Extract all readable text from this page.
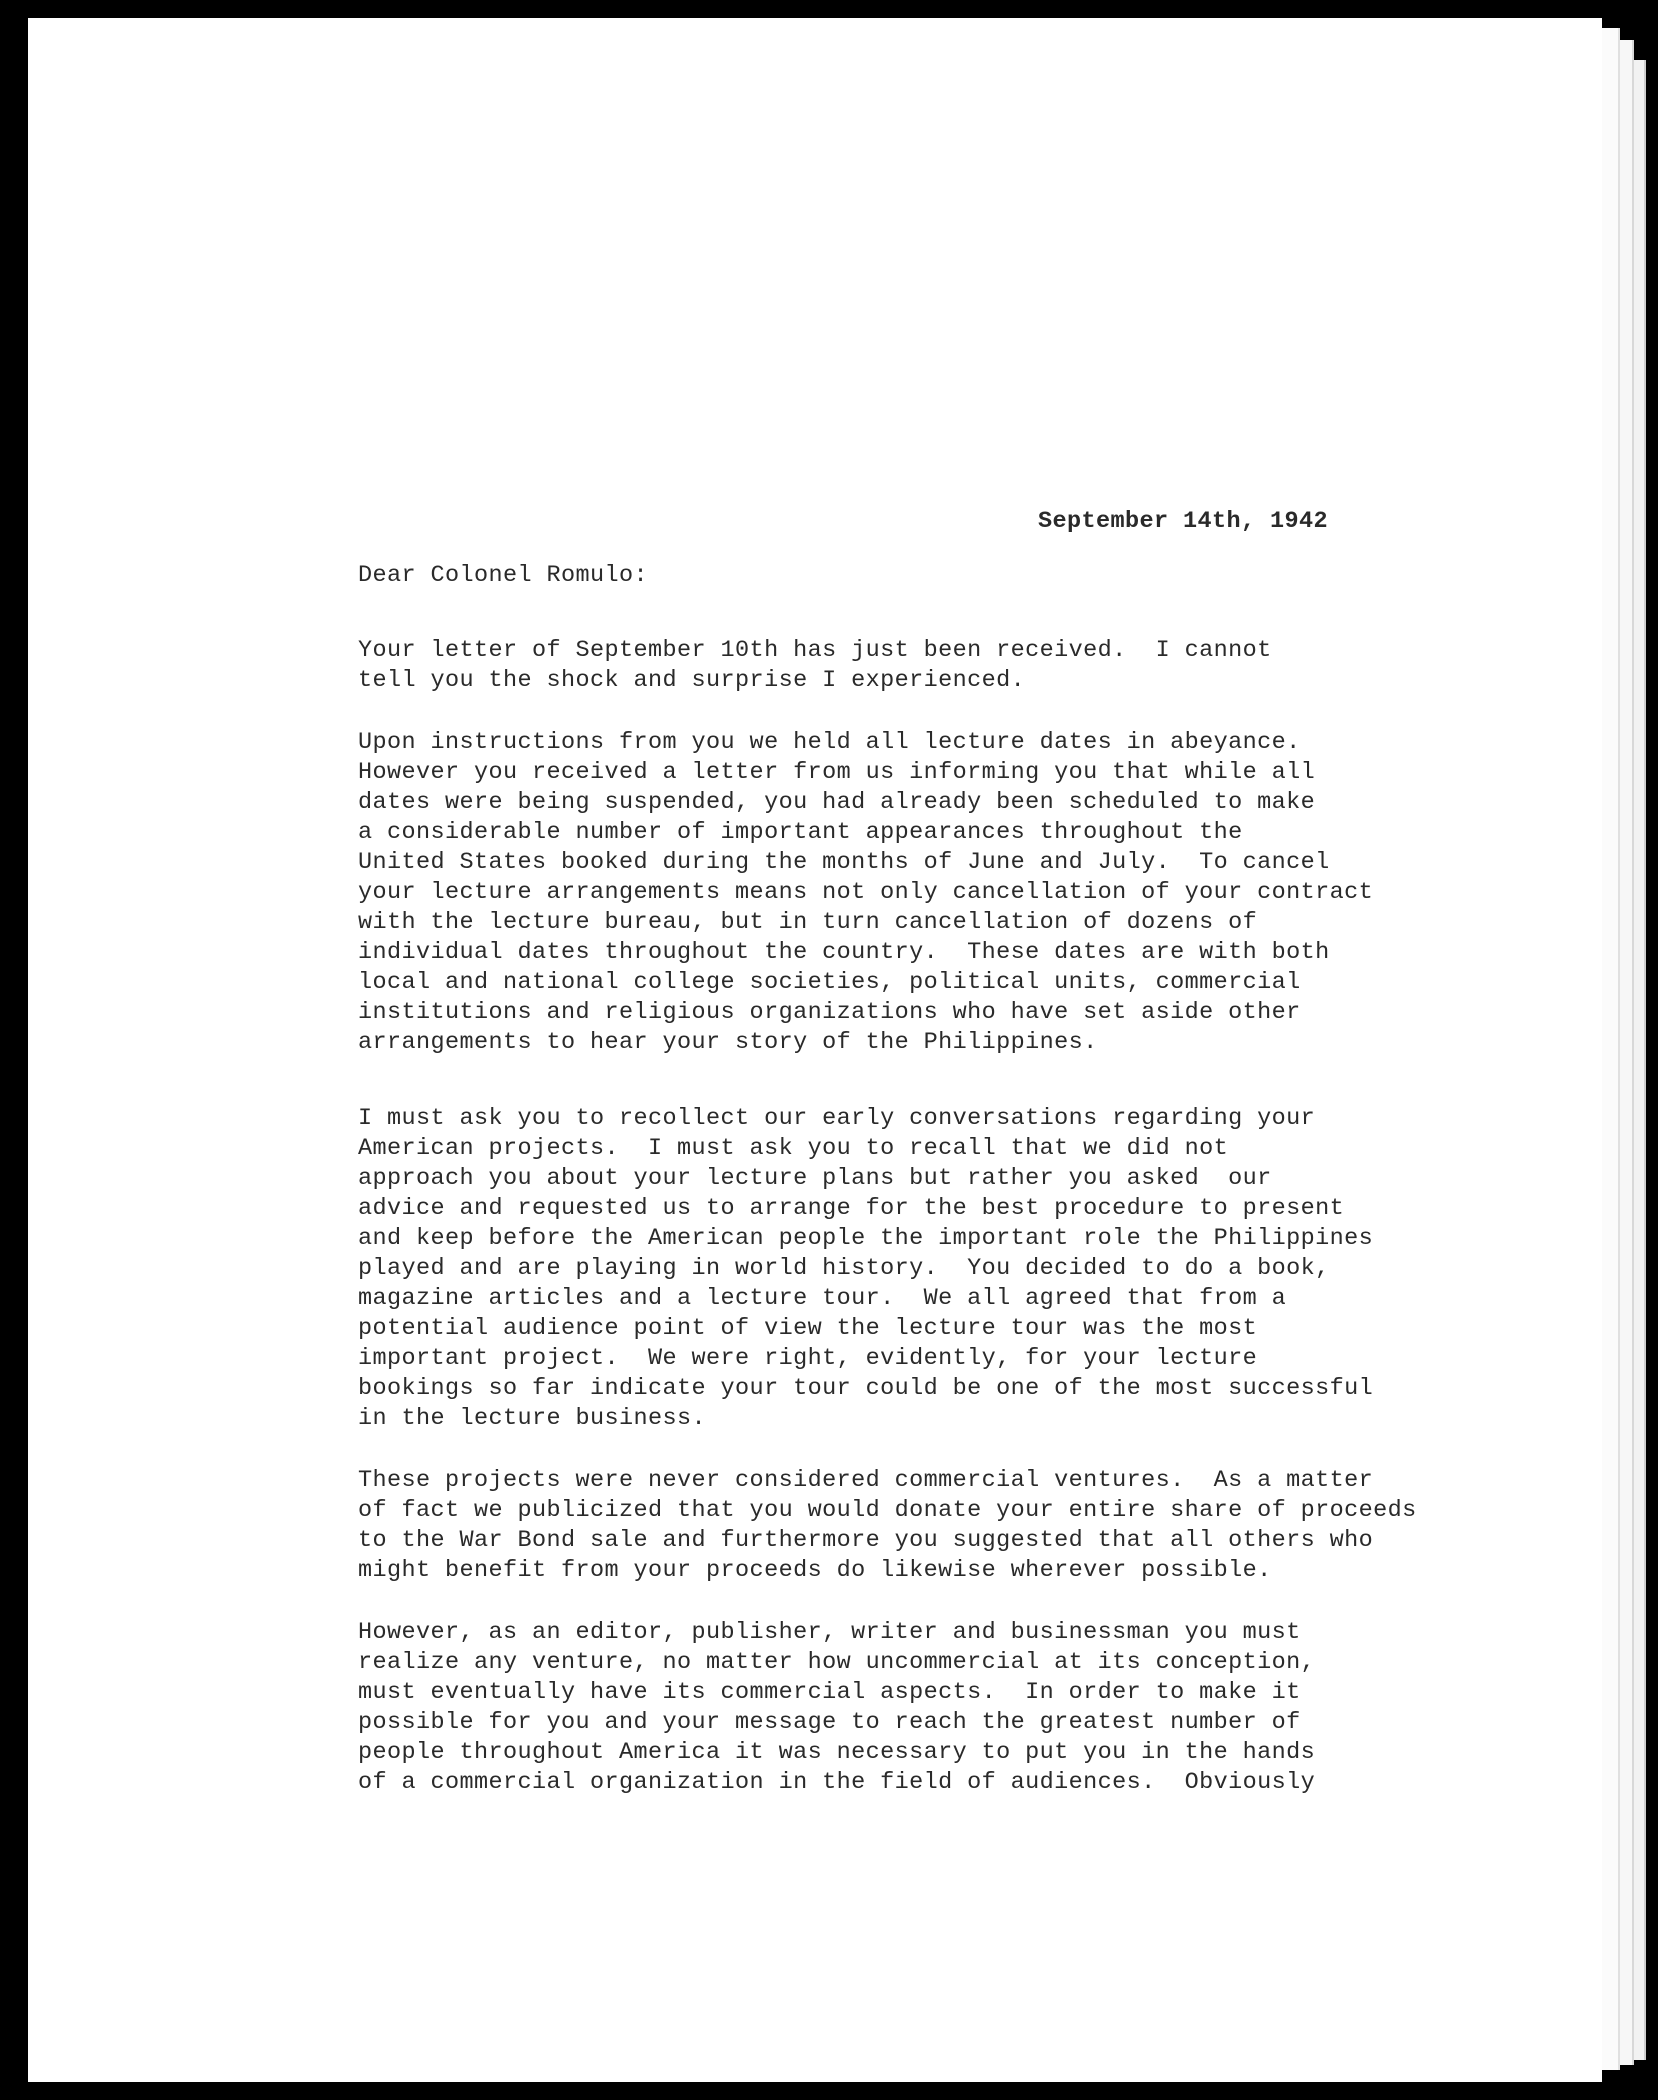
September 14th, 1942
Dear Colonel Romulo:
Your letter of September 10th has just been received.  I cannot
tell you the shock and surprise I experienced.
Upon instructions from you we held all lecture dates in abeyance.
However you received a letter from us informing you that while all
dates were being suspended, you had already been scheduled to make
a considerable number of important appearances throughout the
United States booked during the months of June and July.  To cancel
your lecture arrangements means not only cancellation of your contract
with the lecture bureau, but in turn cancellation of dozens of
individual dates throughout the country.  These dates are with both
local and national college societies, political units, commercial
institutions and religious organizations who have set aside other
arrangements to hear your story of the Philippines.
I must ask you to recollect our early conversations regarding your
American projects.  I must ask you to recall that we did not
approach you about your lecture plans but rather you asked  our
advice and requested us to arrange for the best procedure to present
and keep before the American people the important role the Philippines
played and are playing in world history.  You decided to do a book,
magazine articles and a lecture tour.  We all agreed that from a
potential audience point of view the lecture tour was the most
important project.  We were right, evidently, for your lecture
bookings so far indicate your tour could be one of the most successful
in the lecture business.
These projects were never considered commercial ventures.  As a matter
of fact we publicized that you would donate your entire share of proceeds
to the War Bond sale and furthermore you suggested that all others who
might benefit from your proceeds do likewise wherever possible.
However, as an editor, publisher, writer and businessman you must
realize any venture, no matter how uncommercial at its conception,
must eventually have its commercial aspects.  In order to make it
possible for you and your message to reach the greatest number of
people throughout America it was necessary to put you in the hands
of a commercial organization in the field of audiences.  Obviously
